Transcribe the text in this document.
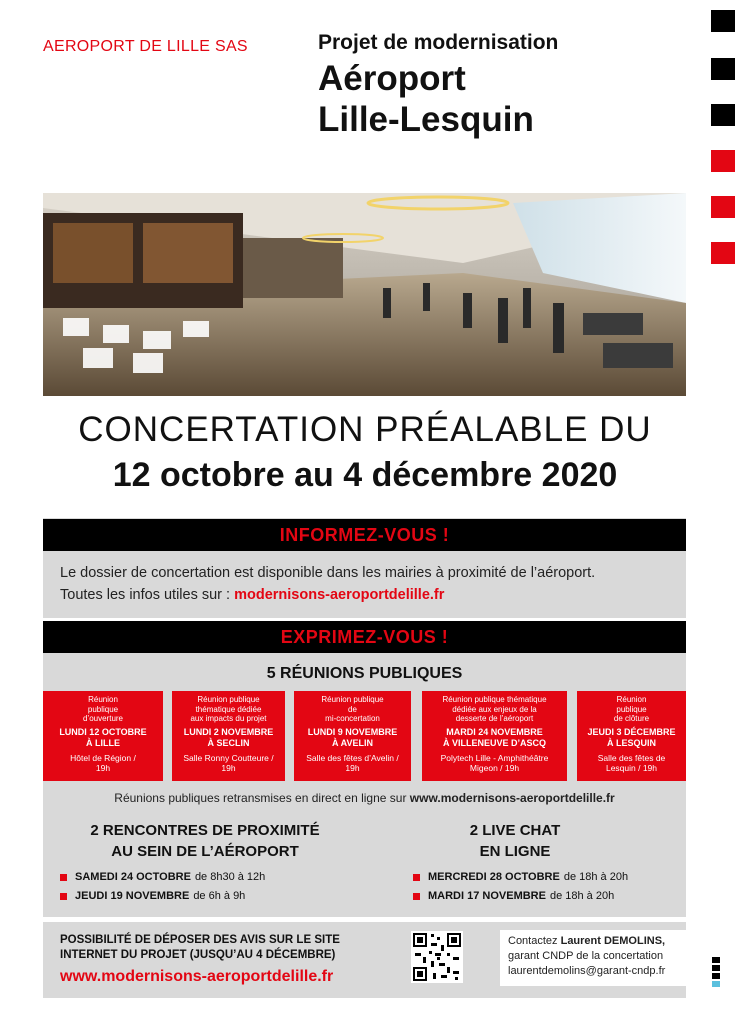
AEROPORT DE LILLE SAS	Projet de modernisation
Aéroport
Lille-Lesquin
CONCERTATION PRÉALABLE DU
12 octobre au 4 décembre 2020
INFORMEZ-VOUS !
Le dossier de concertation est disponible dans les mairies à proximité de l’aéroport.
Toutes les infos utiles sur : modernisons-aeroportdelille.fr
EXPRIMEZ-VOUS !
5 RÉUNIONS PUBLIQUES
Réunion
publique
d’ouverture
LUNDI 12 OCTOBRE
À LILLE
Hôtel de Région /
19h
Réunion publique
thématique dédiée
aux impacts du projet
LUNDI 2 NOVEMBRE
À SECLIN
Salle Ronny Coutteure /
19h
Réunion publique
de
mi-concertation
LUNDI 9 NOVEMBRE
À AVELIN
Salle des fêtes d’Avelin /
19h
Réunion publique thématique
dédiée aux enjeux de la
desserte de l’aéroport
MARDI 24 NOVEMBRE
À VILLENEUVE D’ASCQ
Polytech Lille - Amphithéâtre
Migeon / 19h
Réunion
publique
de clôture
JEUDI 3 DÉCEMBRE
À LESQUIN
Salle des fêtes de
Lesquin / 19h
Réunions publiques retransmises en direct en ligne sur www.modernisons-aeroportdelille.fr
2 RENCONTRES DE PROXIMITÉ
AU SEIN DE L’AÉROPORT
SAMEDI 24 OCTOBRE de 8h30 à 12h
JEUDI 19 NOVEMBRE de 6h à 9h
2 LIVE CHAT
EN LIGNE
MERCREDI 28 OCTOBRE de 18h à 20h
MARDI 17 NOVEMBRE de 18h à 20h
POSSIBILITÉ DE DÉPOSER DES AVIS SUR LE SITE
INTERNET DU PROJET (JUSQU’AU 4 DÉCEMBRE)
www.modernisons-aeroportdelille.fr
Contactez Laurent DEMOLINS,
garant CNDP de la concertation
laurentdemolins@garant-cndp.fr
